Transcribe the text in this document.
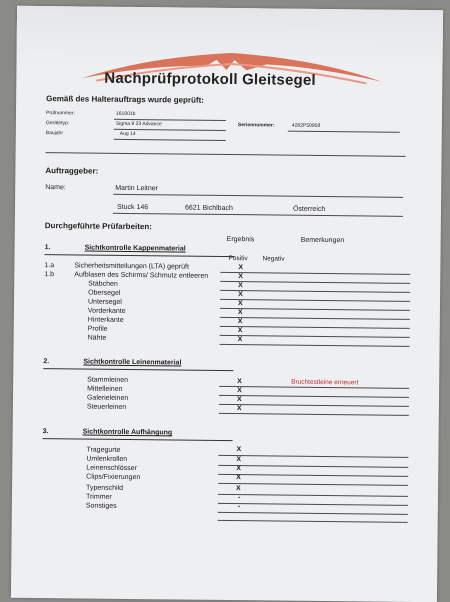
Nachprüfprotokoll Gleitsegel
Gemäß des Halterauftrags wurde geprüft:
Prüfnummer:	161001b
Gerätetyp:	Sigma 9 23 Advance	Seriennummer:	4282P50958
Baujahr	Aug 14
Auftraggeber:
Name:	Martin Leitner
Stuck 146	6621 Bichlbach	Österreich
Durchgeführte Prüfarbeiten:
Ergebnis	Bemerkungen
1.	Sichtkontrolle Kappenmaterial
Positiv Negativ
1.a	Sicherheitsmitteilungen (LTA) geprüft	X
1.b	Aufblasen des Schirms/ Schmutz entleeren	X
Stäbchen	X
Obersegel	X
Untersegel	X
Vorderkante	X
Hinterkante	X
Profile	X
Nähte	X
2.	Sichtkontrolle Leinenmaterial
Stammleinen	X	Bruchtestleine erneuert
Mittelleinen	X
Galerieleinen	X
Steuerleinen	X
3.	Sichtkontrolle Aufhängung
Tragegurte	X
Umlenkrollen	X
Leinenschlösser	X
Clips/Fixierungen	X
Typenschild	X
Trimmer	-
Sonstiges	-
